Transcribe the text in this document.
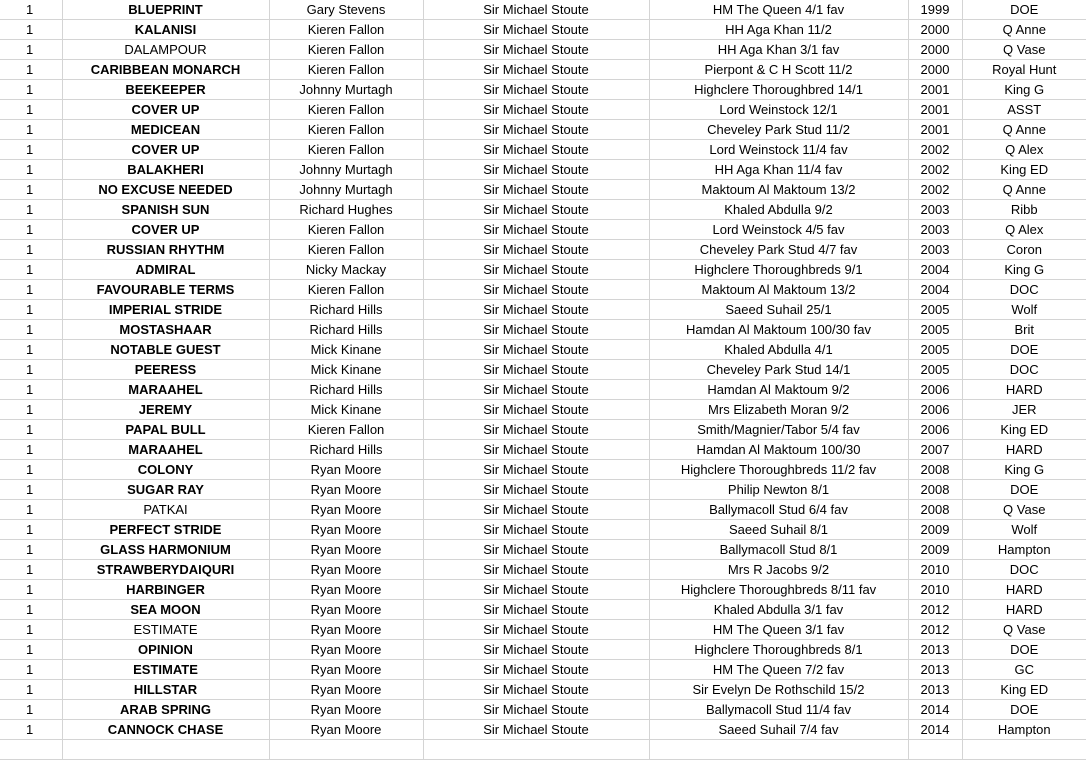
1	BLUEPRINT	Gary Stevens	Sir Michael Stoute	HM The Queen 4/1 fav	1999	DOE
1	KALANISI	Kieren Fallon	Sir Michael Stoute	HH Aga Khan 11/2	2000	Q Anne
1	DALAMPOUR	Kieren Fallon	Sir Michael Stoute	HH Aga Khan 3/1 fav	2000	Q Vase
1	CARIBBEAN MONARCH	Kieren Fallon	Sir Michael Stoute	Pierpont & C H Scott 11/2	2000	Royal Hunt
1	BEEKEEPER	Johnny Murtagh	Sir Michael Stoute	Highclere Thoroughbred 14/1	2001	King G
1	COVER UP	Kieren Fallon	Sir Michael Stoute	Lord Weinstock 12/1	2001	ASST
1	MEDICEAN	Kieren Fallon	Sir Michael Stoute	Cheveley Park Stud 11/2	2001	Q Anne
1	COVER UP	Kieren Fallon	Sir Michael Stoute	Lord Weinstock 11/4 fav	2002	Q Alex
1	BALAKHERI	Johnny Murtagh	Sir Michael Stoute	HH Aga Khan 11/4 fav	2002	King ED
1	NO EXCUSE NEEDED	Johnny Murtagh	Sir Michael Stoute	Maktoum Al Maktoum 13/2	2002	Q Anne
1	SPANISH SUN	Richard Hughes	Sir Michael Stoute	Khaled Abdulla 9/2	2003	Ribb
1	COVER UP	Kieren Fallon	Sir Michael Stoute	Lord Weinstock 4/5 fav	2003	Q Alex
1	RUSSIAN RHYTHM	Kieren Fallon	Sir Michael Stoute	Cheveley Park Stud 4/7 fav	2003	Coron
1	ADMIRAL	Nicky Mackay	Sir Michael Stoute	Highclere Thoroughbreds 9/1	2004	King G
1	FAVOURABLE TERMS	Kieren Fallon	Sir Michael Stoute	Maktoum Al Maktoum 13/2	2004	DOC
1	IMPERIAL STRIDE	Richard Hills	Sir Michael Stoute	Saeed Suhail 25/1	2005	Wolf
1	MOSTASHAAR	Richard Hills	Sir Michael Stoute	Hamdan Al Maktoum 100/30 fav	2005	Brit
1	NOTABLE GUEST	Mick Kinane	Sir Michael Stoute	Khaled Abdulla 4/1	2005	DOE
1	PEERESS	Mick Kinane	Sir Michael Stoute	Cheveley Park Stud 14/1	2005	DOC
1	MARAAHEL	Richard Hills	Sir Michael Stoute	Hamdan Al Maktoum 9/2	2006	HARD
1	JEREMY	Mick Kinane	Sir Michael Stoute	Mrs Elizabeth Moran 9/2	2006	JER
1	PAPAL BULL	Kieren Fallon	Sir Michael Stoute	Smith/Magnier/Tabor 5/4 fav	2006	King ED
1	MARAAHEL	Richard Hills	Sir Michael Stoute	Hamdan Al Maktoum 100/30	2007	HARD
1	COLONY	Ryan Moore	Sir Michael Stoute	Highclere Thoroughbreds 11/2 fav	2008	King G
1	SUGAR RAY	Ryan Moore	Sir Michael Stoute	Philip Newton 8/1	2008	DOE
1	PATKAI	Ryan Moore	Sir Michael Stoute	Ballymacoll Stud 6/4 fav	2008	Q Vase
1	PERFECT STRIDE	Ryan Moore	Sir Michael Stoute	Saeed Suhail 8/1	2009	Wolf
1	GLASS HARMONIUM	Ryan Moore	Sir Michael Stoute	Ballymacoll Stud 8/1	2009	Hampton
1	STRAWBERYDAIQURI	Ryan Moore	Sir Michael Stoute	Mrs R Jacobs 9/2	2010	DOC
1	HARBINGER	Ryan Moore	Sir Michael Stoute	Highclere Thoroughbreds 8/11 fav	2010	HARD
1	SEA MOON	Ryan Moore	Sir Michael Stoute	Khaled Abdulla 3/1 fav	2012	HARD
1	ESTIMATE	Ryan Moore	Sir Michael Stoute	HM The Queen 3/1 fav	2012	Q Vase
1	OPINION	Ryan Moore	Sir Michael Stoute	Highclere Thoroughbreds 8/1	2013	DOE
1	ESTIMATE	Ryan Moore	Sir Michael Stoute	HM The Queen 7/2 fav	2013	GC
1	HILLSTAR	Ryan Moore	Sir Michael Stoute	Sir Evelyn De Rothschild 15/2	2013	King ED
1	ARAB SPRING	Ryan Moore	Sir Michael Stoute	Ballymacoll Stud 11/4 fav	2014	DOE
1	CANNOCK CHASE	Ryan Moore	Sir Michael Stoute	Saeed Suhail 7/4 fav	2014	Hampton
